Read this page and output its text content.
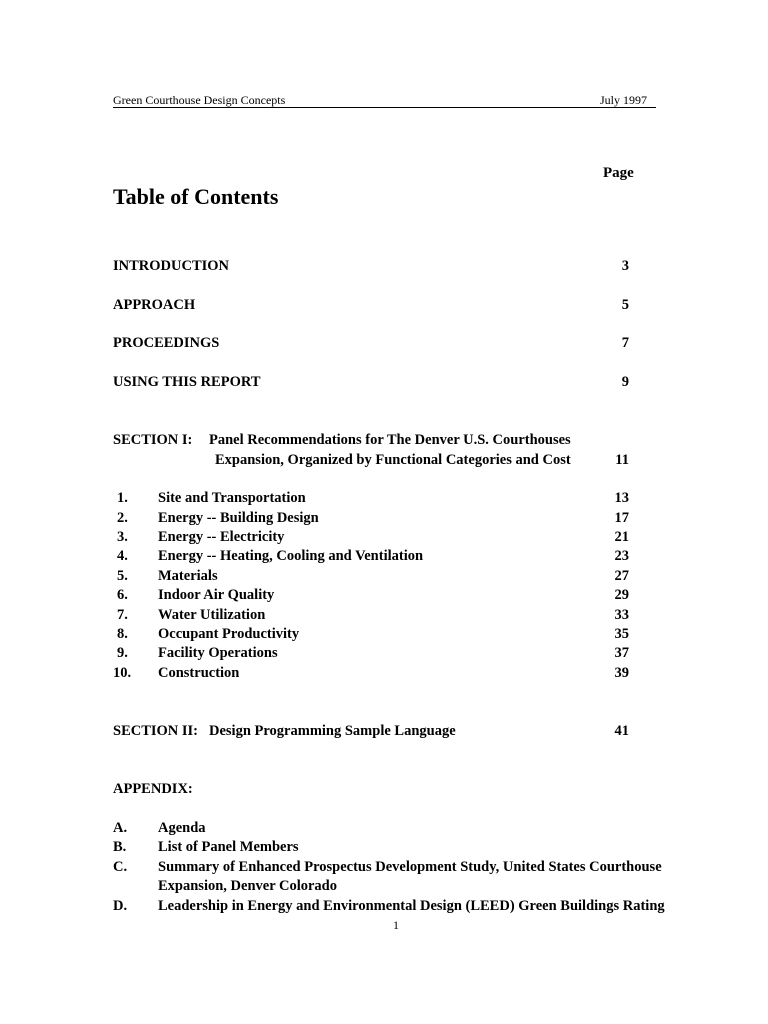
Green Courthouse Design Concepts	July 1997
Page
Table of Contents
INTRODUCTION	3
APPROACH	5
PROCEEDINGS	7
USING THIS REPORT	9
SECTION I: Panel Recommendations for The Denver U.S. Courthouses
Expansion, Organized by Functional Categories and Cost	11
1. Site and Transportation	13
2. Energy -- Building Design	17
3. Energy -- Electricity	21
4. Energy -- Heating, Cooling and Ventilation	23
5. Materials	27
6. Indoor Air Quality	29
7. Water Utilization	33
8. Occupant Productivity	35
9. Facility Operations	37
10. Construction	39
SECTION II: Design Programming Sample Language	41
APPENDIX:
A. Agenda
B. List of Panel Members
C. Summary of Enhanced Prospectus Development Study, United States Courthouse
Expansion, Denver Colorado
D. Leadership in Energy and Environmental Design (LEED) Green Buildings Rating
1
